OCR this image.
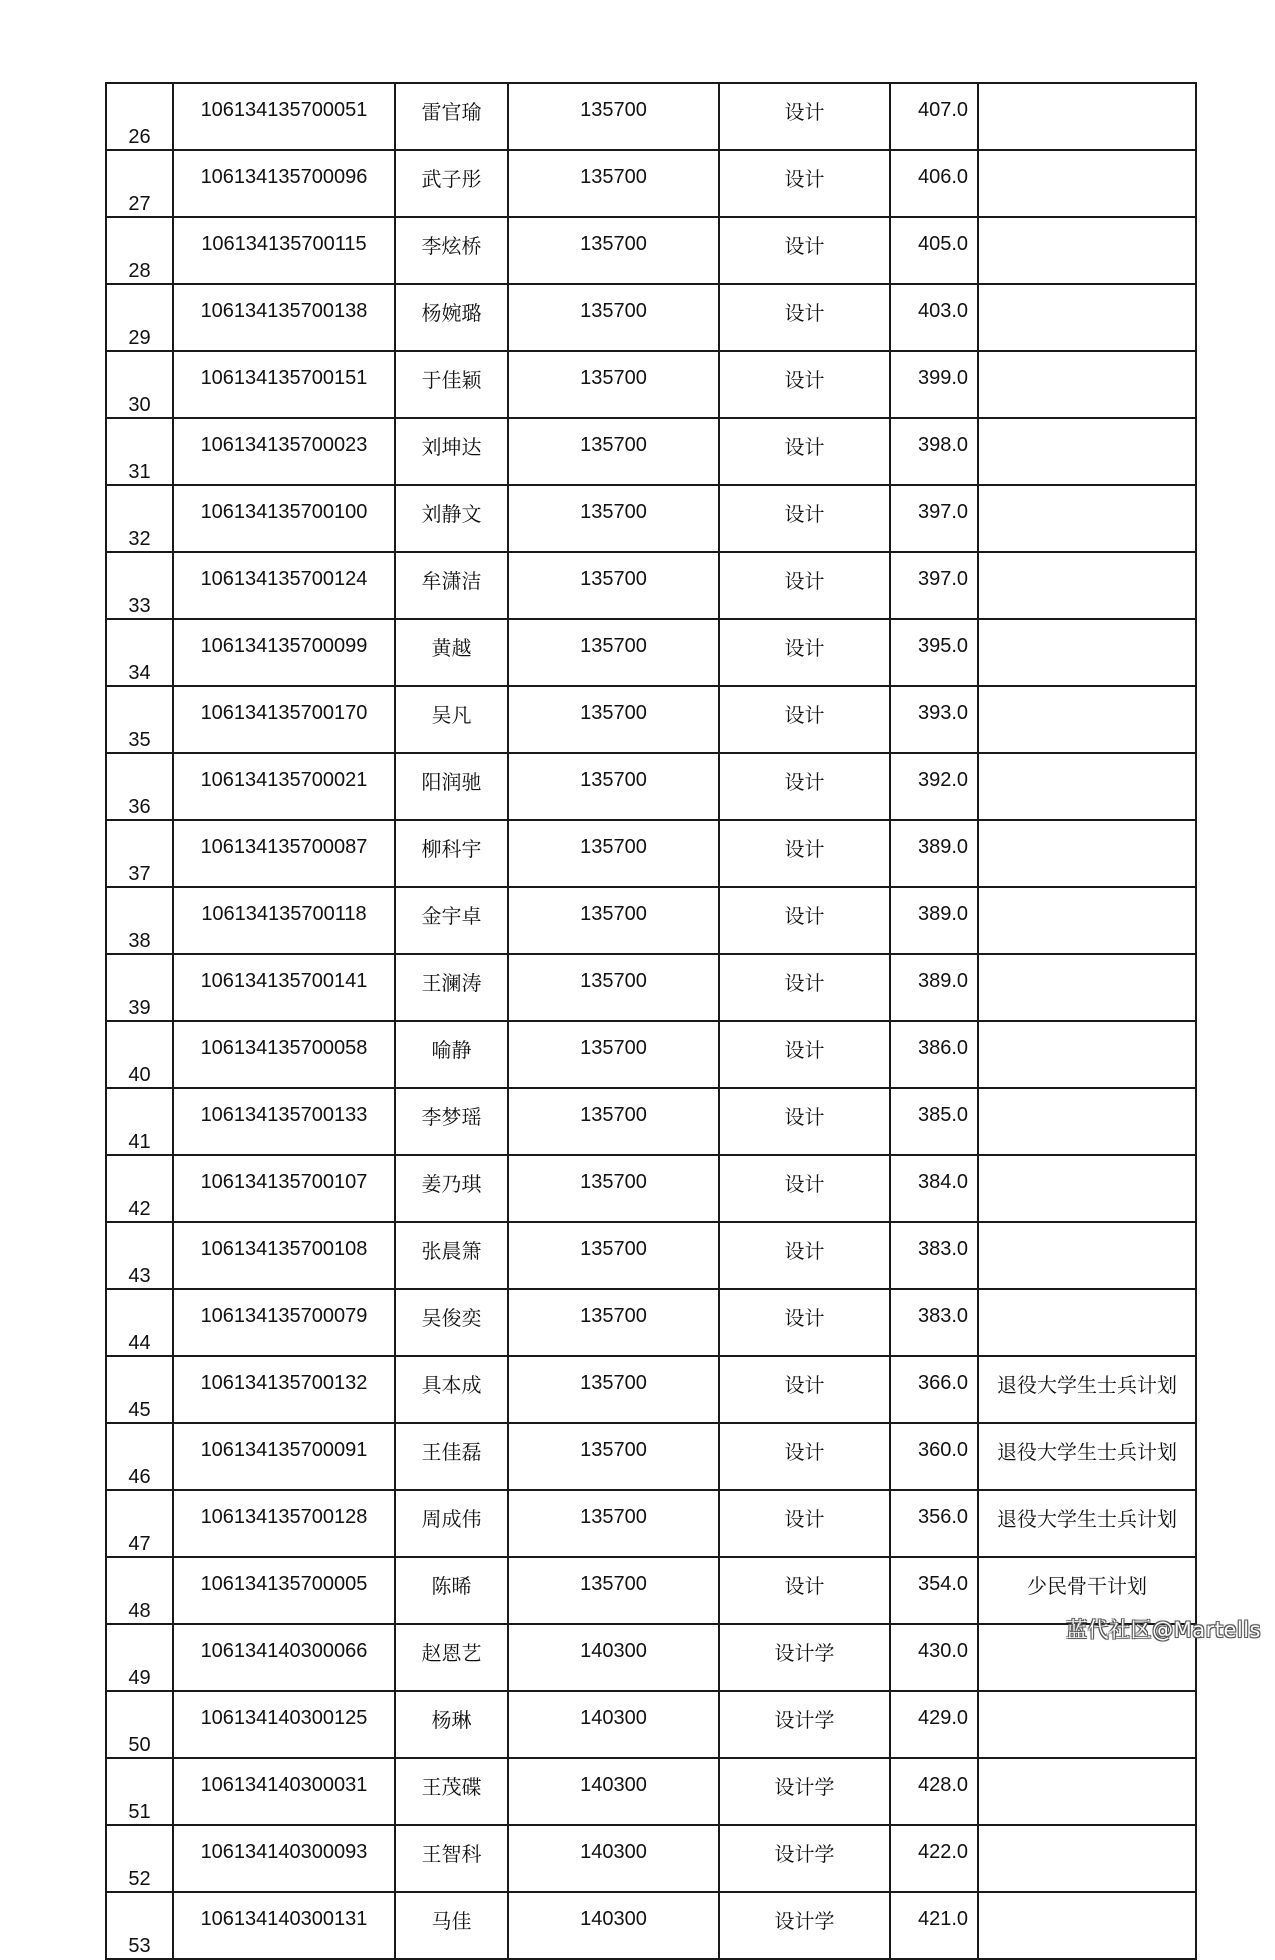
26	106134135700051	雷官瑜	135700	设计	407.0	
27	106134135700096	武子彤	135700	设计	406.0	
28	106134135700115	李炫桥	135700	设计	405.0	
29	106134135700138	杨婉璐	135700	设计	403.0	
30	106134135700151	于佳颖	135700	设计	399.0	
31	106134135700023	刘坤达	135700	设计	398.0	
32	106134135700100	刘静文	135700	设计	397.0	
33	106134135700124	牟潇洁	135700	设计	397.0	
34	106134135700099	黄越	135700	设计	395.0	
35	106134135700170	吴凡	135700	设计	393.0	
36	106134135700021	阳润驰	135700	设计	392.0	
37	106134135700087	柳科宇	135700	设计	389.0	
38	106134135700118	金宇卓	135700	设计	389.0	
39	106134135700141	王澜涛	135700	设计	389.0	
40	106134135700058	喻静	135700	设计	386.0	
41	106134135700133	李梦瑶	135700	设计	385.0	
42	106134135700107	姜乃琪	135700	设计	384.0	
43	106134135700108	张晨箫	135700	设计	383.0	
44	106134135700079	吴俊奕	135700	设计	383.0	
45	106134135700132	具本成	135700	设计	366.0	退役大学生士兵计划
46	106134135700091	王佳磊	135700	设计	360.0	退役大学生士兵计划
47	106134135700128	周成伟	135700	设计	356.0	退役大学生士兵计划
48	106134135700005	陈晞	135700	设计	354.0	少民骨干计划
49	106134140300066	赵恩艺	140300	设计学	430.0	
50	106134140300125	杨琳	140300	设计学	429.0	
51	106134140300031	王茂碟	140300	设计学	428.0	
52	106134140300093	王智科	140300	设计学	422.0	
53	106134140300131	马佳	140300	设计学	421.0	
蓝代社区@Martells
